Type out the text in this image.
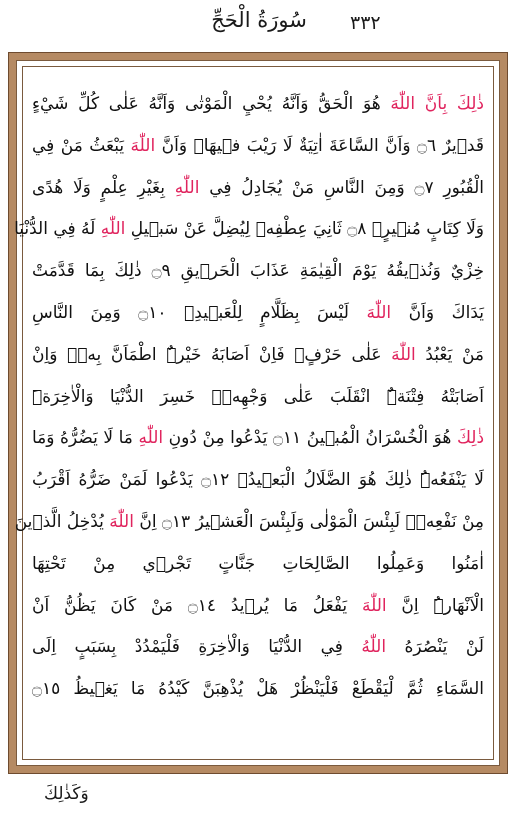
سُورَةُ الْحَجِّ	٣٣٢
ذٰلِكَ بِاَنَّ اللّٰهَ هُوَ الْحَقُّ وَاَنَّهُ يُحْيِ الْمَوْتٰى وَاَنَّهُ عَلٰى كُلِّ شَيْءٍ
قَد۪يرٌ ۝٦ وَاَنَّ السَّاعَةَ اٰتِيَةٌ لَا رَيْبَ ف۪يهَاۙ وَاَنَّ اللّٰهَ يَبْعَثُ مَنْ فِي
الْقُبُورِ ۝٧ وَمِنَ النَّاسِ مَنْ يُجَادِلُ فِي اللّٰهِ بِغَيْرِ عِلْمٍ وَلَا هُدًى
وَلَا كِتَابٍ مُن۪يرٍۙ ۝٨ ثَانِيَ عِطْفِه۪ لِيُضِلَّ عَنْ سَب۪يلِ اللّٰهِ لَهُ فِي الدُّنْيَا
خِزْيٌ وَنُذ۪يقُهُ يَوْمَ الْقِيٰمَةِ عَذَابَ الْحَر۪يقِ ۝٩ ذٰلِكَ بِمَا قَدَّمَتْ
يَدَاكَ وَاَنَّ اللّٰهَ لَيْسَ بِظَلَّامٍ لِلْعَب۪يدِۙ ۝١٠ وَمِنَ النَّاسِ
مَنْ يَعْبُدُ اللّٰهَ عَلٰى حَرْفٍۚ فَاِنْ اَصَابَهُ خَيْرٌۨ اطْمَاَنَّ بِه۪ۚ وَاِنْ
اَصَابَتْهُ فِتْنَةٌۨ انْقَلَبَ عَلٰى وَجْهِه۪ۚ خَسِرَ الدُّنْيَا وَالْاٰخِرَةَۜ
ذٰلِكَ هُوَ الْخُسْرَانُ الْمُب۪ينُ ۝١١ يَدْعُوا مِنْ دُونِ اللّٰهِ مَا لَا يَضُرُّهُ وَمَا
لَا يَنْفَعُهُۜ ذٰلِكَ هُوَ الضَّلَالُ الْبَع۪يدُۚ ۝١٢ يَدْعُوا لَمَنْ ضَرُّهُ اَقْرَبُ
مِنْ نَفْعِه۪ۜ لَبِئْسَ الْمَوْلٰى وَلَبِئْسَ الْعَش۪يرُ ۝١٣ اِنَّ اللّٰهَ يُدْخِلُ الَّذ۪ينَ
اٰمَنُوا وَعَمِلُوا الصَّالِحَاتِ جَنَّاتٍ تَجْر۪ي مِنْ تَحْتِهَا
الْاَنْهَارُۜ اِنَّ اللّٰهَ يَفْعَلُ مَا يُر۪يدُ ۝١٤ مَنْ كَانَ يَظُنُّ اَنْ
لَنْ يَنْصُرَهُ اللّٰهُ فِي الدُّنْيَا وَالْاٰخِرَةِ فَلْيَمْدُدْ بِسَبَبٍ اِلَى
السَّمَاءِ ثُمَّ لْيَقْطَعْ فَلْيَنْظُرْ هَلْ يُذْهِبَنَّ كَيْدُهُ مَا يَغ۪يظُ ۝١٥
وَكَذٰلِكَ
